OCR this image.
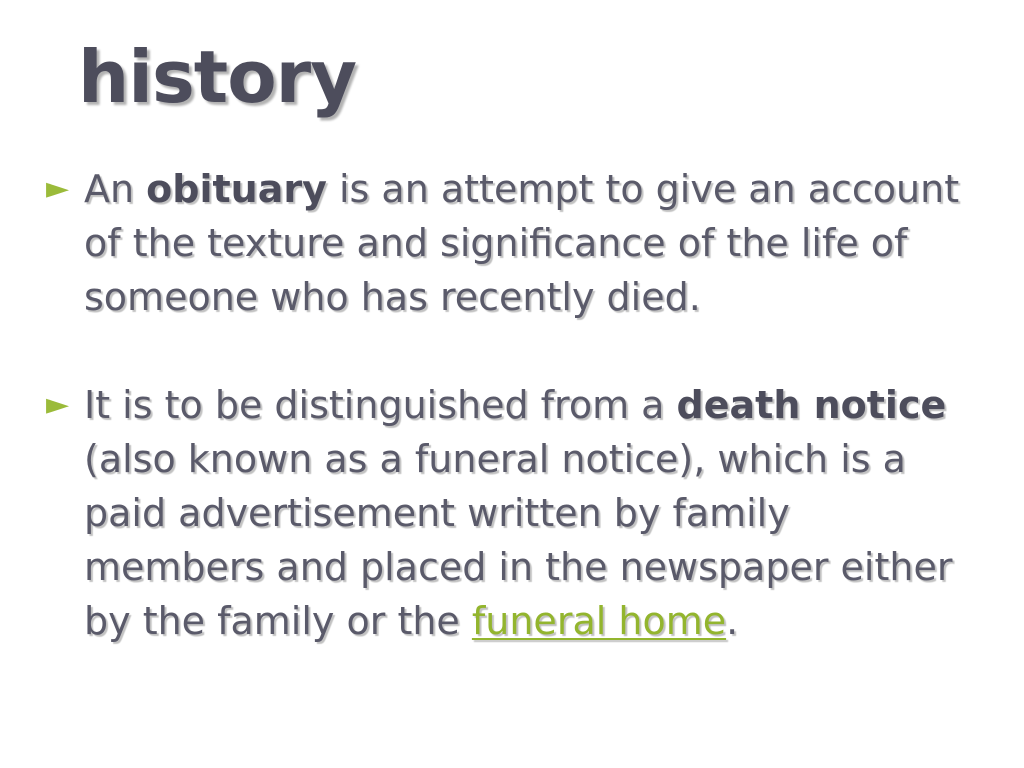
history
► An obituary is an attempt to give an account of the texture and significance of the life of someone who has recently died.
► It is to be distinguished from a death notice (also known as a funeral notice), which is a paid advertisement written by family members and placed in the newspaper either by the family or the funeral home.
